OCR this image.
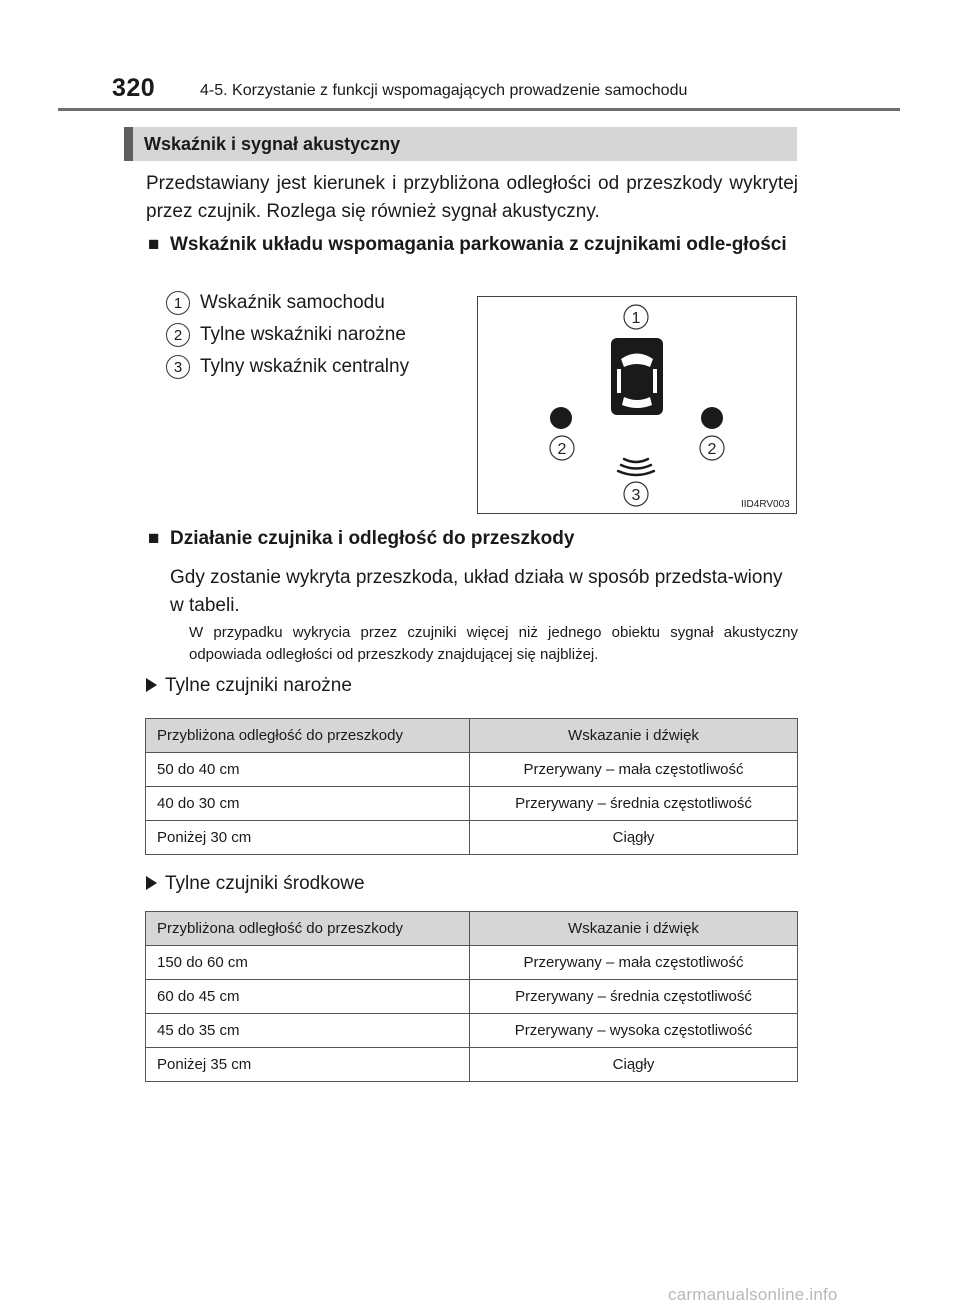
320	4-5. Korzystanie z funkcji wspomagających prowadzenie samochodu
Wskaźnik i sygnał akustyczny
Przedstawiany jest kierunek i przybliżona odległości od przeszkody wykrytej przez czujnik. Rozlega się również sygnał akustyczny.
■ Wskaźnik układu wspomagania parkowania z czujnikami odle-głości
1 Wskaźnik samochodu
2 Tylne wskaźniki narożne
3 Tylny wskaźnik centralny
1
2	2
3
IID4RV003
■ Działanie czujnika i odległość do przeszkody
Gdy zostanie wykryta przeszkoda, układ działa w sposób przedsta-wiony w tabeli.
W przypadku wykrycia przez czujniki więcej niż jednego obiektu sygnał akustyczny odpowiada odległości od przeszkody znajdującej się najbliżej.
Tylne czujniki narożne
Przybliżona odległość do przeszkody	Wskazanie i dźwięk
50 do 40 cm	Przerywany – mała częstotliwość
40 do 30 cm	Przerywany – średnia częstotliwość
Poniżej 30 cm	Ciągły
Tylne czujniki środkowe
Przybliżona odległość do przeszkody	Wskazanie i dźwięk
150 do 60 cm	Przerywany – mała częstotliwość
60 do 45 cm	Przerywany – średnia częstotliwość
45 do 35 cm	Przerywany – wysoka częstotliwość
Poniżej 35 cm	Ciągły
carmanualsonline.info
